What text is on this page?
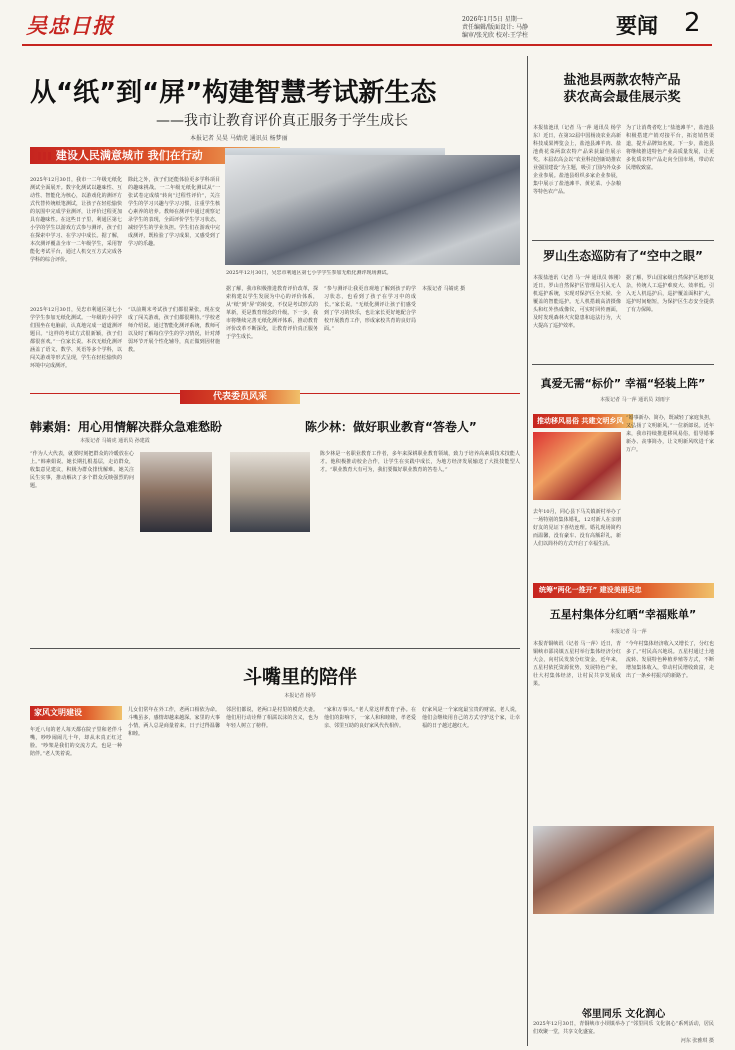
吴忠日报	2026年1月5日 星期一
责任编辑/版面设计: 马静
编审/张光欣 校对:王学柱	要闻	2
从“纸”到“屏”构建智慧考试新生态
——我市让教育评价真正服务于学生成长
本报记者 吴昊 马婧虎 通讯员 杨梦丽
建设人民满意城市 我们在行动
2025年12月30日，我市一二年级无纸化测试全面展开。数字化测试以趣味性、互动性、智能化为核心，以游戏化的测评方式代替传统纸笔测试，让孩子在轻松愉快的氛围中完成学业测评，让评价过程更加具有趣味性。在这些日子里，利通区第七小学的学生以游戏方式参与测评，孩子们在探索中学习、在学习中成长。据了解，本次测评覆盖全市一二年级学生，采用智能化考试平台，通过人机交互方式完成各学科的综合评价。
除此之外，孩子们还能体验更多学科项目的趣味挑战。一二年级无纸化测试从“一张试卷定成绩”转向“过程性评价”，关注学生的学习兴趣与学习习惯，注重学生核心素养的培养。教师在测评中通过观察记录学生的表现，全面评价学生学习状态，减轻学生的学业负担。学生们在游戏中完成测评，既检验了学习成果，又感受到了学习的乐趣。
2025年12月30日，吴忠市利通区第七小学学生参加无纸化测评现场测试。
2025年12月30日，吴忠市利通区第七小学学生参加无纸化测试。一年级的小同学们围坐在电脑前，认真地完成一道道测评题目。“这样的考试方式很新颖，孩子们都很喜欢。”一位家长说。本次无纸化测评涵盖了语文、数学、英语等多个学科，以闯关游戏等形式呈现，学生在轻松愉快的环境中完成测评。
“以前期末考试孩子们都很紧张，现在变成了闯关游戏，孩子们都很期待。”学校老师介绍说。通过智能化测评系统，教师可以及时了解每位学生的学习情况，针对薄弱环节开展个性化辅导，真正做到因材施教。
据了解，我市积极推进教育评价改革，探索构建以学生发展为中心的评价体系，从“纸”到“屏”的转变，不仅是考试形式的革新，更是教育理念的升级。下一步，我市将继续完善无纸化测评体系，推动教育评价改革不断深化，让教育评价真正服务于学生成长。
“参与测评让我更直观地了解到孩子的学习状态，也看到了孩子在学习中的成长。”家长说。“无纸化测评让孩子们感受到了学习的快乐，也让家长更好地配合学校开展教育工作，形成家校共育的良好局面。”
本报记者 马婧虎 摄
盐池县两款农特产品
获农高会最佳展示奖
本报盐池讯（记者 马一萍 通讯员 杨学东）近日，在第32届中国杨凌农业高新科技成果博览会上，盐池县滩羊肉、盐池黄花菜两款农特产品荣获最佳展示奖。本届农高会以“农业科技创新助推农业强国建设”为主题，吸引了国内外众多企业参展。盐池县组织多家企业参展，集中展示了盐池滩羊、黄花菜、小杂粮等特色农产品。
为了让消费者吃上“盐池滩羊”，盐池县积极搭建产销对接平台，拓宽销售渠道，提升品牌知名度。下一步，盐池县将继续推进特色产业高质量发展，让更多优质农特产品走向全国市场，带动农民增收致富。
罗山生态巡防有了“空中之眼”
本报盐池讯（记者 马一萍 通讯员 韩刚）近日，罗山自然保护区管理局引入无人机巡护系统，实现对保护区全天候、全覆盖的智能巡护。无人机搭载高清摄像头和红外热成像仪，可实时回传画面，及时发现森林火灾隐患和违法行为，大大提高了巡护效率。
据了解，罗山国家级自然保护区地形复杂，传统人工巡护难度大、效率低。引入无人机巡护后，巡护覆盖面积扩大，巡护时间缩短，为保护区生态安全提供了有力保障。
真爱无需“标价” 幸福“轻装上阵”
本报记者 马一萍 通讯员 刘雨宇
推动移风易俗 共建文明乡风
去年10月，同心县下马关镇新村举办了一场特别的集体婚礼，12对新人在亲朋好友的见证下喜结连理。婚礼现场简约而温馨，没有豪车、没有高额彩礼，新人们以简朴的方式开启了幸福生活。
“婚事新办、简办，既减轻了家庭负担，又弘扬了文明新风。”一位新郎说。近年来，我市持续推进移风易俗，倡导婚事新办、丧事简办，让文明新风吹进千家万户。
代表委员风采
韩素娟：用心用情解决群众急难愁盼
本报记者 马婧虎 通讯员 孙建霞
“作为人大代表，就要时刻把群众的冷暖放在心上。”韩素娟说。她长期扎根基层，走访群众，收集意见建议，积极为群众排忧解难。她关注民生实事，推动解决了多个群众反映强烈的问题。
陈少林：做好职业教育“答卷人”
陈少林是一名职业教育工作者，多年来深耕职业教育领域，致力于培养高素质技术技能人才。他积极推动校企合作，让学生在实践中成长，为地方经济发展输送了大批技能型人才。“职业教育大有可为，我们要做好职业教育的答卷人。”
统筹“两化一推开” 建设美丽吴忠
五星村集体分红晒“幸福账单”
本报记者 马一萍
本报青铜峡讯（记者 马一萍）近日，青铜峡市邵岗镇五星村举行集体经济分红大会，向村民发放分红资金。近年来，五星村依托资源优势，发展特色产业，壮大村集体经济，让村民共享发展成果。
“今年村集体经济收入又增长了，分红也多了。”村民高兴地说。五星村通过土地流转、发展特色种植养殖等方式，不断增加集体收入，带动村民增收致富，走出了一条乡村振兴的新路子。
斗嘴里的陪伴
本报记者 杨琴
家风文明建设
年近八旬的老人每天都在院子里和老伴斗嘴，吵吵闹闹几十年，却从未真正红过脸。“吵架是我们的交流方式，也是一种陪伴。”老人笑着说。
儿女们常年在外工作，老两口相依为命。斗嘴虽多，感情却越来越深。家里的大事小情，两人总是商量着来，日子过得温馨和睦。
邻居们都说，老两口是村里的模范夫妻。他们用行动诠释了相濡以沫的含义，也为年轻人树立了榜样。
“家和万事兴。”老人常这样教育子孙。在他们的影响下，一家人和和睦睦，孝老爱亲、邻里互助的良好家风代代相传。
好家风是一个家庭最宝贵的财富。老人说，他们会继续用自己的方式守护这个家，让幸福的日子越过越红火。
邻里同乐 文化润心
2025年12月30日，青铜峡市小坝镇举办了“邻里同乐 文化润心”系列活动，居民们欢聚一堂，共享文化盛宴。
河东 张雅琪 摄
